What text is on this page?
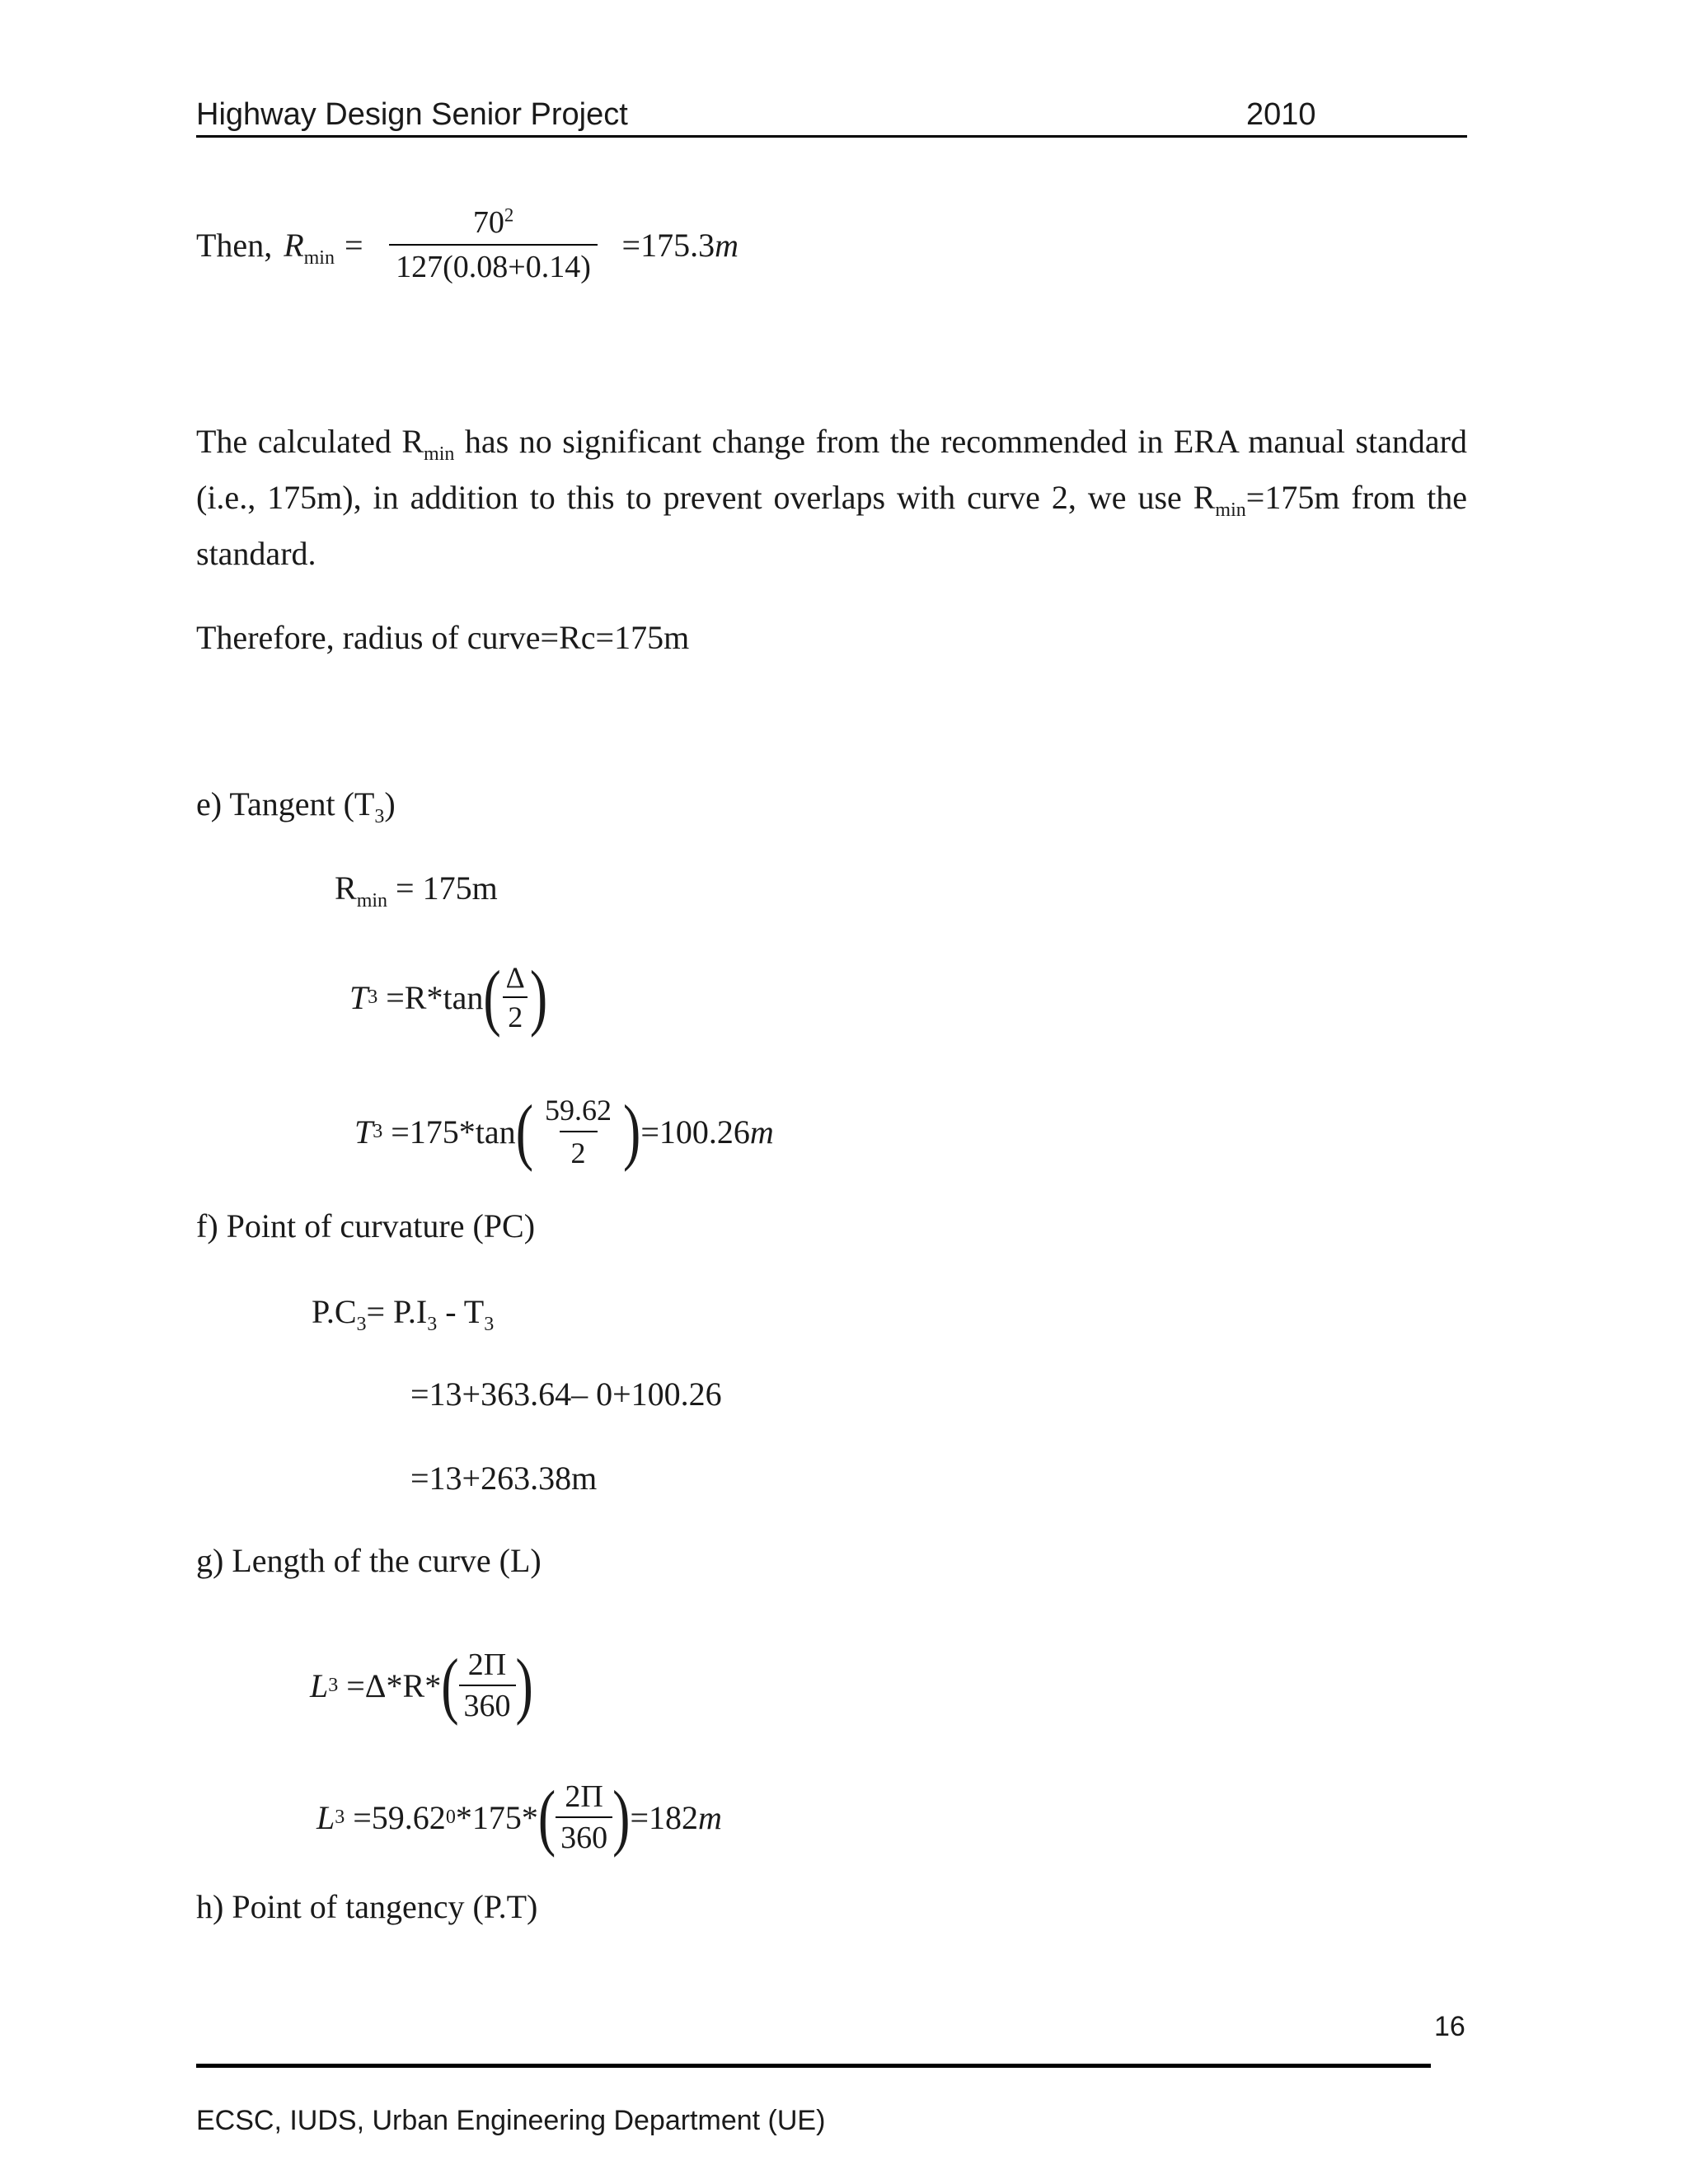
Highway Design Senior Project	2010
Then, $R_{min} = \frac{70^2}{127(0.08+0.14)} =175.3m$
The calculated $R_{min}$ has no significant change from the recommended in ERA manual standard
(i.e., 175m), in addition to this to prevent overlaps with curve 2, we use $R_{min}=175m$ from the
standard.
Therefore, radius of curve=Rc=175m
e) Tangent $(T_3)$
$R_{min} = 175m$
T 3 =R*tan ( $\frac{\Delta}{2}$ )
T 3 =175*tan ( $\frac{59.62}{2}$ ) =100.26 m
f) Point of curvature (PC)
$P.C_3= P.I_3 - T_3$
=13+363.64– 0+100.26
=13+263.38m
g) Length of the curve (L)
L 3 =Δ*R* ( $\frac{2\Pi}{360}$ )
L 3 =59.62 0 *175* ( $\frac{2\Pi}{360}$ ) =182 m
h) Point of tangency (P.T)
16
ECSC, IUDS, Urban Engineering Department (UE)
